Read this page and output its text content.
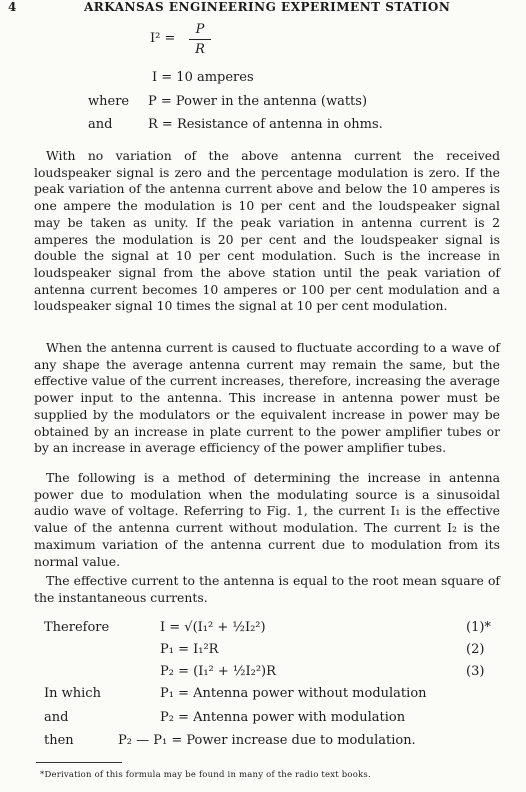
4	ARKANSAS ENGINEERING EXPERIMENT STATION
I² =
P
R
I = 10 amperes
where P = Power in the antenna (watts)
and	R = Resistance of antenna in ohms.
With no variation of the above antenna current the received loudspeaker signal is zero and the percentage modulation is zero. If the peak variation of the antenna current above and below the 10 amperes is one ampere the modulation is 10 per cent and the loudspeaker signal may be taken as unity. If the peak variation in antenna current is 2 amperes the modulation is 20 per cent and the loudspeaker signal is double the signal at 10 per cent modulation. Such is the increase in loudspeaker signal from the above station until the peak variation of antenna current becomes 10 amperes or 100 per cent modulation and a loudspeaker signal 10 times the signal at 10 per cent modulation.
When the antenna current is caused to fluctuate according to a wave of any shape the average antenna current may remain the same, but the effective value of the current increases, therefore, increasing the average power input to the antenna. This increase in antenna power must be supplied by the modulators or the equivalent increase in power may be obtained by an increase in plate current to the power amplifier tubes or by an increase in average efficiency of the power amplifier tubes.
The following is a method of determining the increase in antenna power due to modulation when the modulating source is a sinusoidal audio wave of voltage. Referring to Fig. 1, the current I₁ is the effective value of the antenna current without modulation. The current I₂ is the maximum variation of the antenna current due to modulation from its normal value.
The effective current to the antenna is equal to the root mean square of the instantaneous currents.
Therefore	I = √(I₁² + ½I₂²)	(1)*
P₁ = I₁²R	(2)
P₂ = (I₁² + ½I₂²)R	(3)
In which	P₁ = Antenna power without modulation
and	P₂ = Antenna power with modulation
then	P₂ — P₁ = Power increase due to modulation.
*Derivation of this formula may be found in many of the radio text books.
